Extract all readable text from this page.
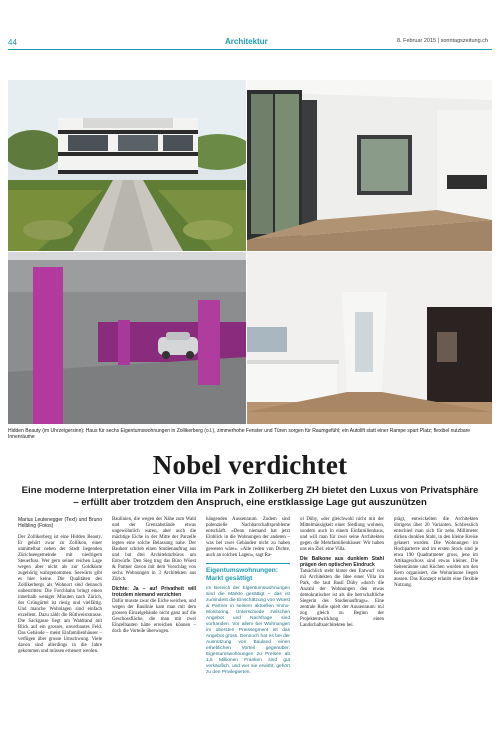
44	Architektur	8. Februar 2015 | sonntagszeitung.ch
Hidden Beauty (im Uhrzeigersinn): Haus für sechs Eigentumswohnungen in Zollikerberg (o.l.), zimmerhohe Fenster und Türen sorgen für Raumgefühl; ein Autolift statt einer Rampe spart Platz; flexibel nutzbare Innenräume
Nobel verdichtet
Eine moderne Interpretation einer Villa im Park in Zollikerberg ZH bietet den Luxus von Privatsphäre – erfüllt aber trotzdem den Anspruch, eine erstklassige Lage gut auszunützen
Marius Leutenegger (Text) und Bruno Helbling (Fotos)

Der Zollikerberg ist eine Hidden Beauty. Er gehört zwar zu Zollikon, einer unmittelbar neben der Stadt liegenden Zürichseegemeinde mit niedrigem Steuerfuss. Wer gern seiner reichen Lage wegen aber nicht als zur Goldküste zugehörig wahrgenommen. Seewärts gibt es hier keine. Die Qualitäten des Zollikerbergs als Wohnort sind dennoch unbestritten: Die Forchbahn bringt einen innerhalb weniger Minuten nach Zürich, der Grüngürtel ist riesig und vielfältig. Und manche Wohnlagen sind einfach exzellent. Dazu zählt die Rütiweiststrasse. Die Sackgasse liegt am Waldrand mit Blick auf ein grosses, unverbautes Feld. Das Gebäude – meist Einfamilienhäuser – verfügen über grosse Umschwung. Viele davon sind allerdings in die Jahre gekommen und müssen erneuert werden.

Baulinien, die wegen der Nähe zum Wald und der Grenzabstände etwas ungewöhnlich waren, aber auch die mächtige Eiche in der Mitte der Parzelle legten eine solche Belassung nahe. Der Bauherr schrieb einen Studienauftrag aus und bat drei Architekturbüros um Entwürfe. Den Sieg trug das Büro Wüest & Partner davon mit dem Vorschlag von sechs Wohnungen in 3 Architekten aus Zürich.

Dichte: Ja – auf Privatheit will trotzdem niemand verzichten

Dafür musste zwar die Eiche weichen, und wegen der Baulinie kam man mit dem grossen Einzelgebäude nicht ganz auf die Geschossfläche, die man mit zwei Einzelbauten hätte erreichen können – doch die Vorteile überwogen.

hängenden Aussenraum. Zudem sind potenzielle Nachbarschaftsprobleme entschärft. «Denn niemand hat jetzt Einblick in die Wohnungen der anderen – was bei zwei Gebäuden nicht zu haben gewesen wäre». «Alle reden von Dichte, auch an solchen Lagen», sagt Ra-

Eigentumswohnungen: Markt gesättigt
Im Bereich der Eigentumswohnungen sind die Märkte gesättigt – das ist zumindest die Einschätzung von Wüest & Partner in seinem aktuellen Immo-Monitoring. Unterschiede zwischen Angebot und Nachfrage sind vorhanden. Vor allem bei Wohnungen im obersten Preissegment ist das Angebot gross. Dennoch hat es bei der Ausnützung von Bauland einen erheblichen Vorteil gegenüber: Eigentumswohnungen zu Preisen ab 1,5 Millionen Franken sind gut verkäuflich, und wer sie erwirbt, gehört zu den Privilegierten.

ol Düby, «der gleichwohl nicht mit der Mittelmässigkeit einer Siedlung wohnen, sondern auch in einem Einfamilienhaus, und will man für zwei seine Architekten gegen die Mehrfamilienhäuser. Wir haben uns ein Ziel: eine Villa.

Die Balkone aus dunklem Stahl prägen den optischen Eindruck

Tatsächlich steht hinter den Entwurf von m3 Architekten die Idee einer Villa im Park, die laut Basil Düby «durch die Anzahl der Wohnungen den etwas demokratischer ist als die herrschaftliche Siegerin des Studienauftrags». Eine zentrale Rolle spielt der Aussenraum: m3 zog gleich zu Beginn der Projektentwicklung einen Landschaftsarchitekten bei.

prägt, entwickelten die Architekten übrigens über 20 Varianten. Schliesslich entschied man sich für zehn Millimeter dicken dunklen Stahl, in den kleine Kreise gelasert wurden. Die Wohnungen im Hochparterre und im ersten Stock sind je etwa 190 Quadratmeter gross, jene im Attikageschoss sind etwas kleiner. Die Seitenräume und Küchen wurden um den Kern organisiert, die Wohnräume liegen aussen. Das Konzept erlaubt eine flexible Nutzung.
